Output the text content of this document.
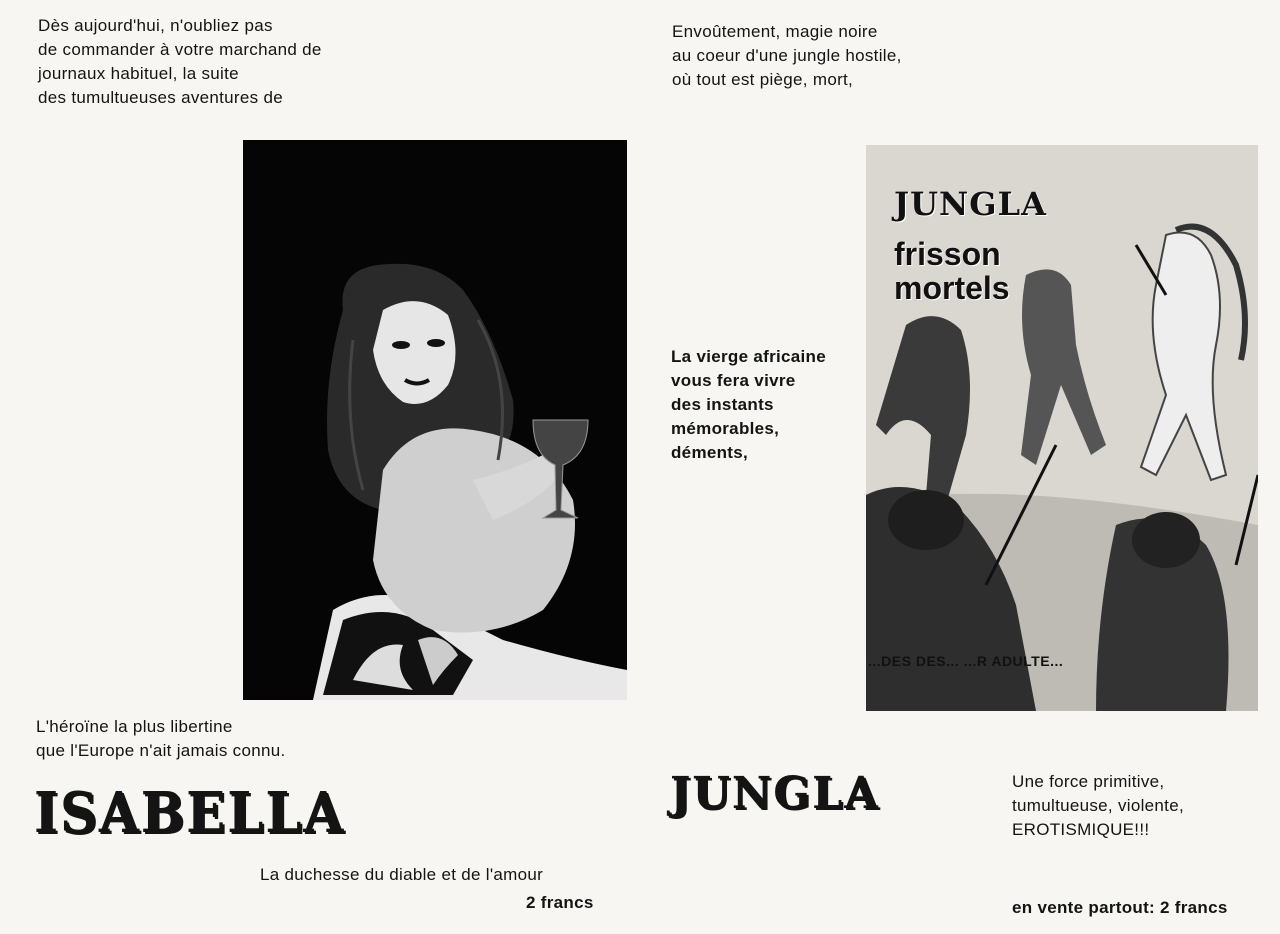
Dès aujourd'hui, n'oubliez pas
de commander à votre marchand de
journaux habituel, la suite
des tumultueuses aventures de

L'héroïne la plus libertine
que l'Europe n'ait jamais connu.

ISABELLA

La duchesse du diable et de l'amour

2 francs

Envoûtement, magie noire
au coeur d'une jungle hostile,
où tout est piège, mort,

La vierge africaine
vous fera vivre
des instants
mémorables,
déments,

JUNGLA
frisson
mortels
...DES DES... ...R ADULTE...
JUNGLA	Une force primitive,
tumultueuse, violente,
EROTISMIQUE!!!

en vente partout: 2 francs
